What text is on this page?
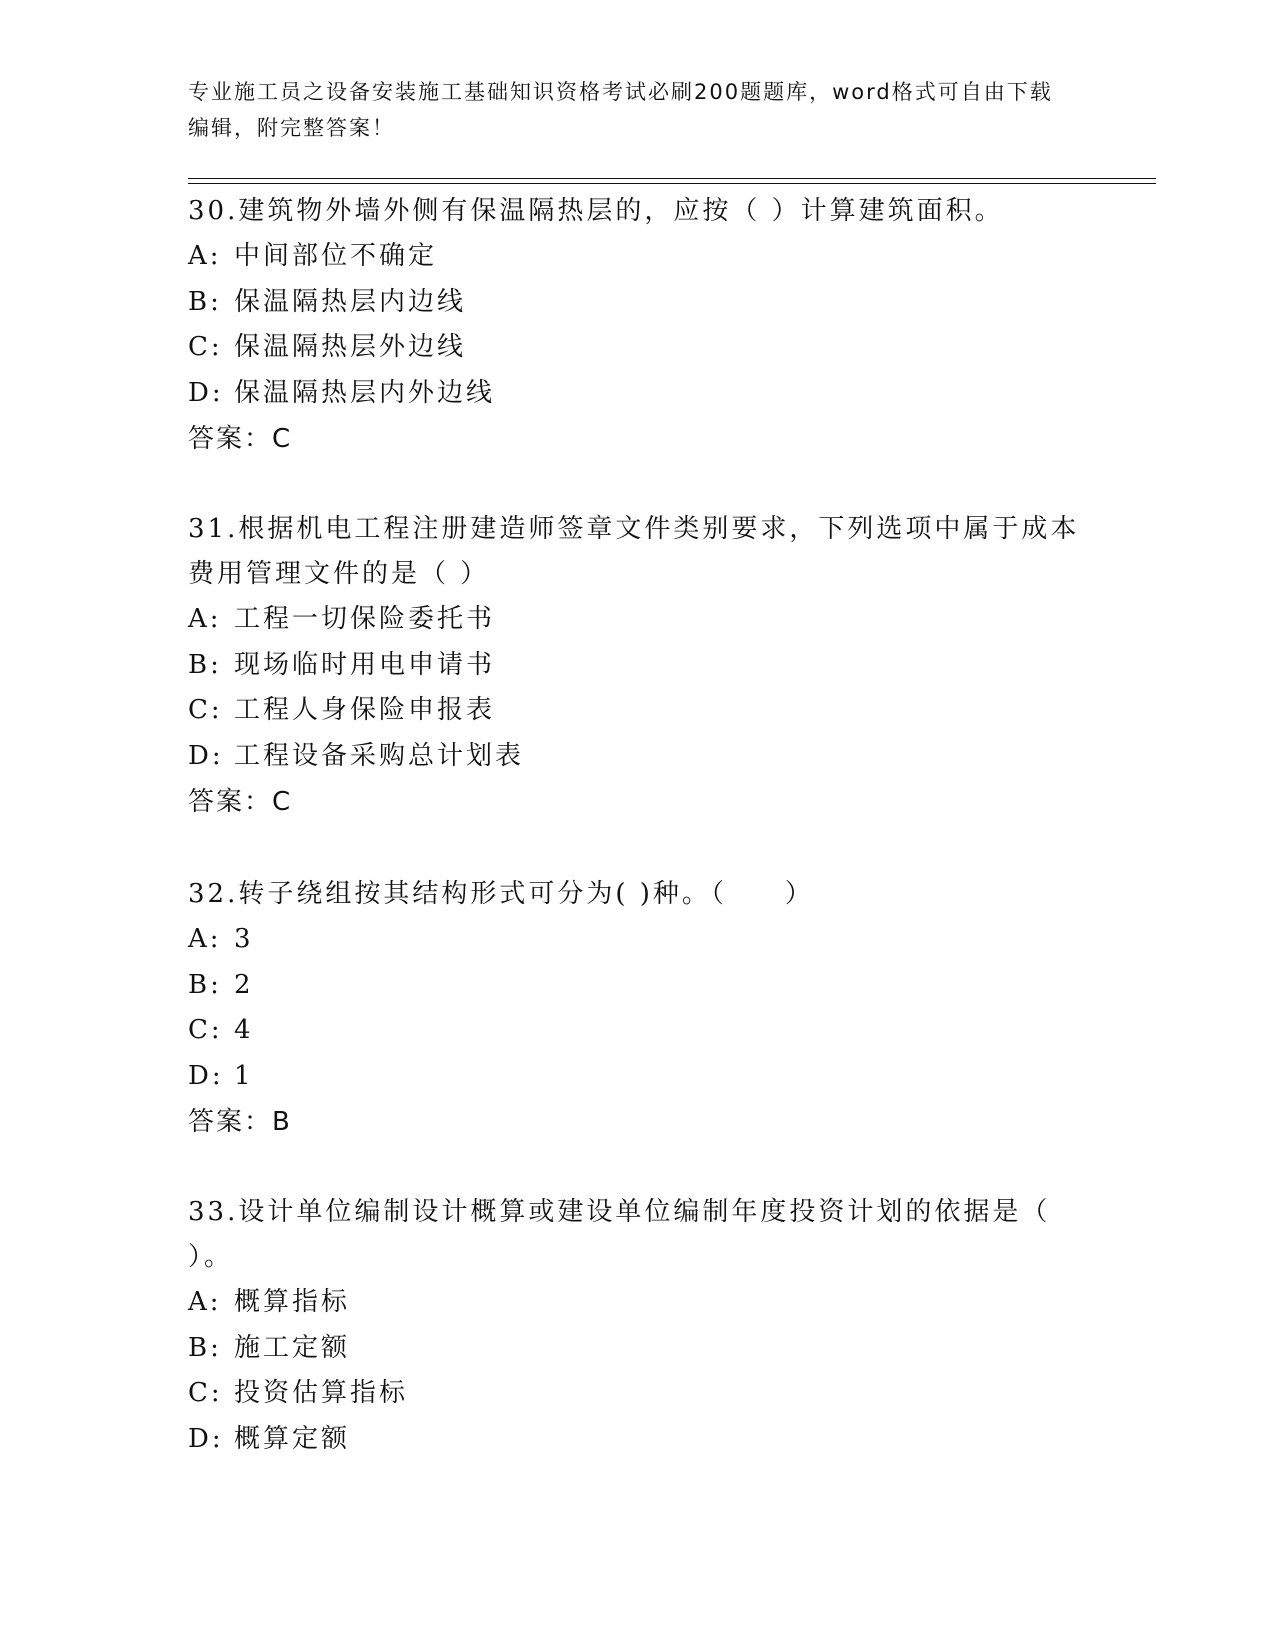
专业施工员之设备安装施工基础知识资格考试必刷200题题库，word格式可自由下载编辑，附完整答案！
30.建筑物外墙外侧有保温隔热层的，应按（ ）计算建筑面积。
A: 中间部位不确定
B: 保温隔热层内边线
C: 保温隔热层外边线
D: 保温隔热层内外边线
答案：C
31.根据机电工程注册建造师签章文件类别要求，下列选项中属于成本费用管理文件的是（ ）
A: 工程一切保险委托书
B: 现场临时用电申请书
C: 工程人身保险申报表
D: 工程设备采购总计划表
答案：C
32.转子绕组按其结构形式可分为( )种。（　　）
A: 3
B: 2
C: 4
D: 1
答案：B
33.设计单位编制设计概算或建设单位编制年度投资计划的依据是（ ）。
A: 概算指标
B: 施工定额
C: 投资估算指标
D: 概算定额
